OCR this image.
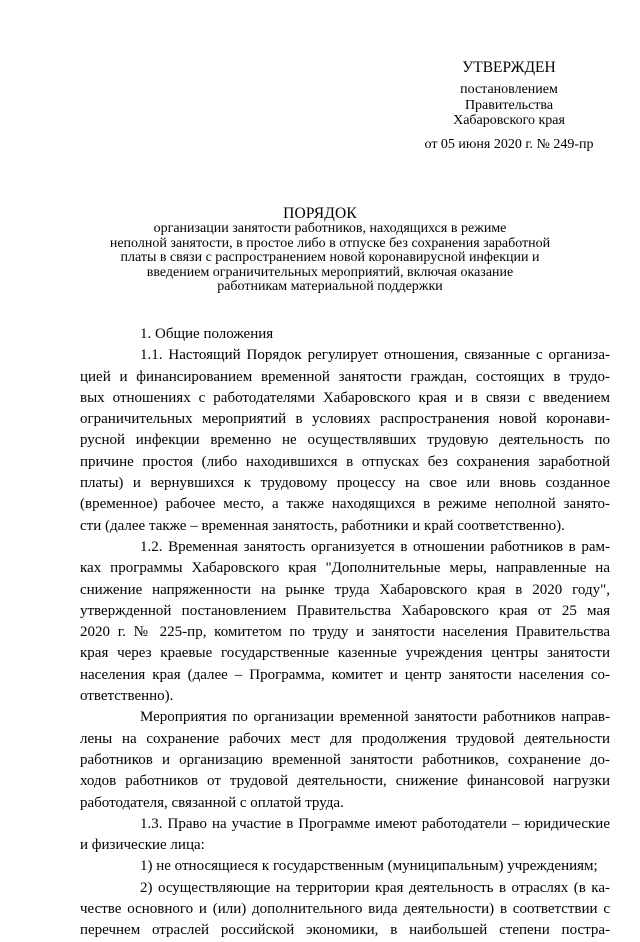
УТВЕРЖДЕН
постановлением
Правительства
Хабаровского края
от 05 июня 2020 г. № 249-пр
ПОРЯДОК
организации занятости работников, находящихся в режиме
неполной занятости, в простое либо в отпуске без сохранения заработной
платы в связи с распространением новой коронавирусной инфекции и
введением ограничительных мероприятий, включая оказание
работникам материальной поддержки
1. Общие положения
1.1. Настоящий Порядок регулирует отношения, связанные с организа-
цией и финансированием временной занятости граждан, состоящих в трудо-
вых отношениях с работодателями Хабаровского края и в связи с введением
ограничительных мероприятий в условиях распространения новой коронави-
русной инфекции временно не осуществлявших трудовую деятельность по
причине простоя (либо находившихся в отпусках без сохранения заработной
платы) и вернувшихся к трудовому процессу на свое или вновь созданное
(временное) рабочее место, а также находящихся в режиме неполной занято-
сти (далее также – временная занятость, работники и край соответственно).
1.2. Временная занятость организуется в отношении работников в рам-
ках программы Хабаровского края "Дополнительные меры, направленные на
снижение напряженности на рынке труда Хабаровского края в 2020 году",
утвержденной постановлением Правительства Хабаровского края от 25 мая
2020 г. № 225-пр, комитетом по труду и занятости населения Правительства
края через краевые государственные казенные учреждения центры занятости
населения края (далее – Программа, комитет и центр занятости населения со-
ответственно).
Мероприятия по организации временной занятости работников направ-
лены на сохранение рабочих мест для продолжения трудовой деятельности
работников и организацию временной занятости работников, сохранение до-
ходов работников от трудовой деятельности, снижение финансовой нагрузки
работодателя, связанной с оплатой труда.
1.3. Право на участие в Программе имеют работодатели – юридические
и физические лица:
1) не относящиеся к государственным (муниципальным) учреждениям;
2) осуществляющие на территории края деятельность в отраслях (в ка-
честве основного и (или) дополнительного вида деятельности) в соответствии с
перечнем отраслей российской экономики, в наибольшей степени постра-
